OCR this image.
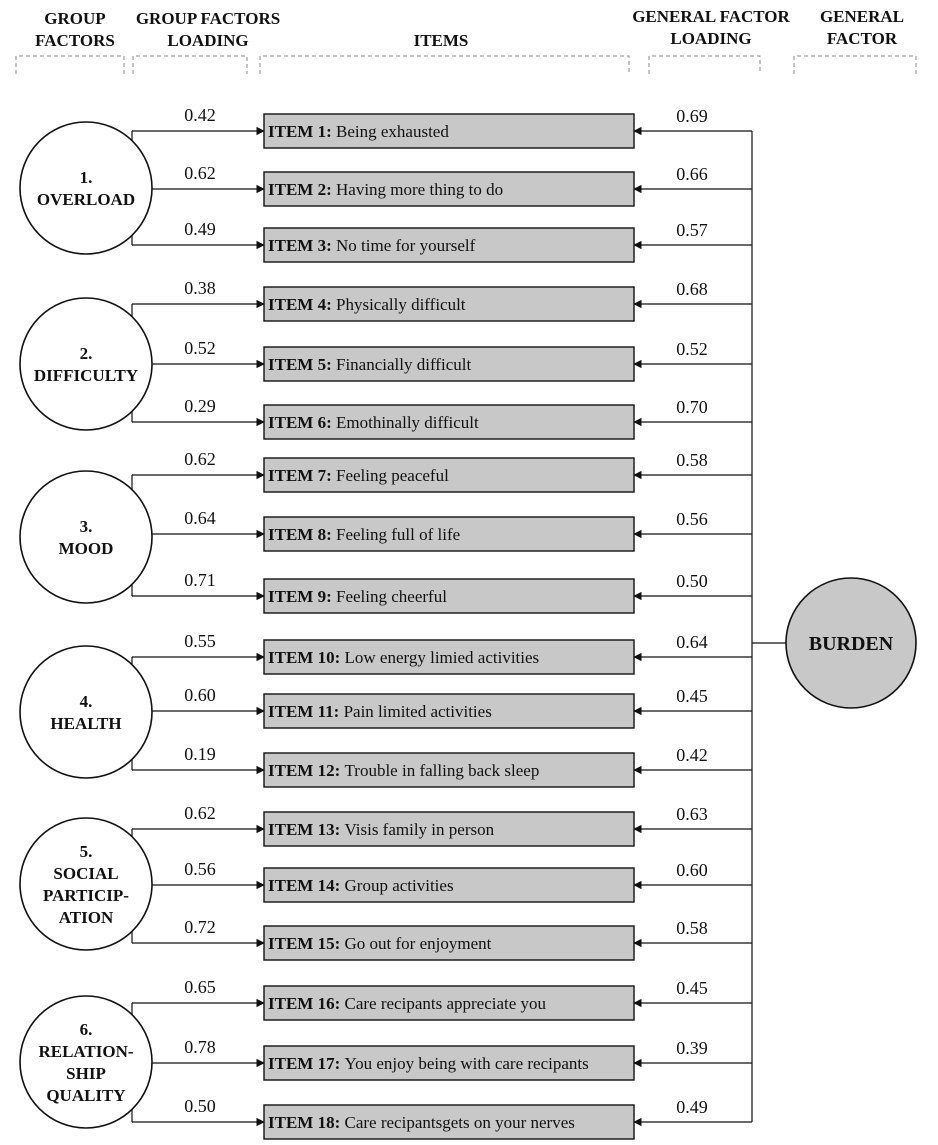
GROUP FACTORS
GROUP FACTORS LOADING	ITEMS
GENERAL FACTOR LOADING
GENERAL FACTOR
1. OVERLOAD
2. DIFFICULTY
3. MOOD
4. HEALTH
5. SOCIAL PARTICIP-ATION
6. RELATION-SHIP QUALITY
ITEM 1: Being exhausted
0.42	0.69
ITEM 2: Having more thing to do
0.62	0.66
ITEM 3: No time for yourself
0.49	0.57
ITEM 4: Physically difficult
0.38	0.68
ITEM 5: Financially difficult
0.52	0.52
ITEM 6: Emothinally difficult
0.29	0.70
ITEM 7: Feeling peaceful
0.62	0.58
ITEM 8: Feeling full of life
0.64	0.56
ITEM 9: Feeling cheerful
0.71	0.50
ITEM 10: Low energy limied activities
0.55	0.64
ITEM 11: Pain limited activities
0.60	0.45
ITEM 12: Trouble in falling back sleep
0.19	0.42
ITEM 13: Visis family in person
0.62	0.63
ITEM 14: Group activities
0.56	0.60
ITEM 15: Go out for enjoyment
0.72	0.58
ITEM 16: Care recipants appreciate you
0.65	0.45
ITEM 17: You enjoy being with care recipants
0.78	0.39
ITEM 18: Care recipantsgets on your nerves
0.50	0.49
BURDEN
